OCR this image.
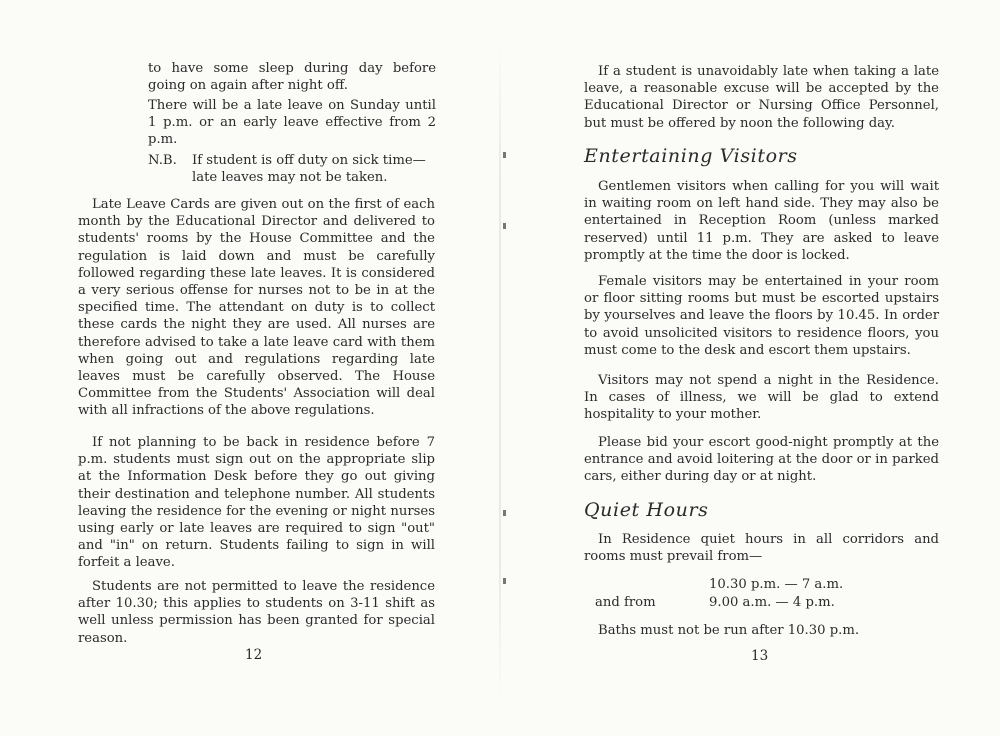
to have some sleep during day before going on again after night off.

There will be a late leave on Sunday until 1 p.m. or an early leave effective from 2 p.m.

N.B. If student is off duty on sick time— late leaves may not be taken.

Late Leave Cards are given out on the first of each month by the Educational Director and delivered to students' rooms by the House Committee and the regulation is laid down and must be carefully followed regarding these late leaves. It is considered a very serious offense for nurses not to be in at the specified time. The attendant on duty is to collect these cards the night they are used. All nurses are therefore advised to take a late leave card with them when going out and regulations regarding late leaves must be carefully observed. The House Committee from the Students' Association will deal with all infractions of the above regulations.

If not planning to be back in residence before 7 p.m. students must sign out on the appropriate slip at the Information Desk before they go out giving their destination and telephone number. All students leaving the residence for the evening or night nurses using early or late leaves are required to sign "out" and "in" on return. Students failing to sign in will forfeit a leave.

Students are not permitted to leave the residence after 10.30; this applies to students on 3-11 shift as well unless permission has been granted for special reason.

12

If a student is unavoidably late when taking a late leave, a reasonable excuse will be accepted by the Educational Director or Nursing Office Personnel, but must be offered by noon the following day.

Entertaining Visitors

Gentlemen visitors when calling for you will wait in waiting room on left hand side. They may also be entertained in Reception Room (unless marked reserved) until 11 p.m. They are asked to leave promptly at the time the door is locked.

Female visitors may be entertained in your room or floor sitting rooms but must be escorted upstairs by yourselves and leave the floors by 10.45. In order to avoid unsolicited visitors to residence floors, you must come to the desk and escort them upstairs.

Visitors may not spend a night in the Residence. In cases of illness, we will be glad to extend hospitality to your mother.

Please bid your escort good-night promptly at the entrance and avoid loitering at the door or in parked cars, either during day or at night.

Quiet Hours

In Residence quiet hours in all corridors and rooms must prevail from—

10.30 p.m. — 7 a.m.
and from	9.00 a.m. — 4 p.m.
Baths must not be run after 10.30 p.m.
13
